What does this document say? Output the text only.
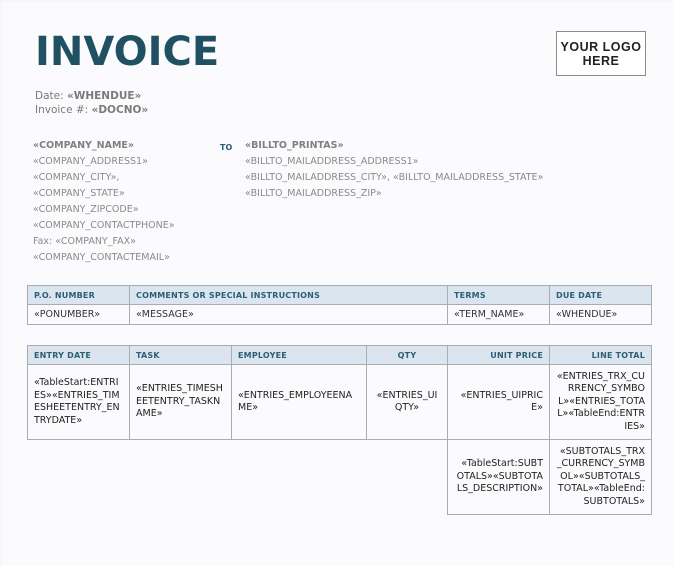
INVOICE
Date: «WHENDUE»
Invoice #: «DOCNO»
YOUR LOGO
HERE
«COMPANY_NAME»
«COMPANY_ADDRESS1»
«COMPANY_CITY»,
«COMPANY_STATE»
«COMPANY_ZIPCODE»
«COMPANY_CONTACTPHONE»
Fax: «COMPANY_FAX»
«COMPANY_CONTACTEMAIL»
TO «BILLTO_PRINTAS»
«BILLTO_MAILADDRESS_ADDRESS1»
«BILLTO_MAILADDRESS_CITY», «BILLTO_MAILADDRESS_STATE»
«BILLTO_MAILADDRESS_ZIP»
P.O. NUMBER	COMMENTS OR SPECIAL INSTRUCTIONS	TERMS	DUE DATE
«PONUMBER»	«MESSAGE»	«TERM_NAME»	«WHENDUE»
ENTRY DATE	TASK	EMPLOYEE	QTY	UNIT PRICE	LINE TOTAL
«TableStart:ENTRIES»«ENTRIES_TIMESHEETENTRY_ENTRYDATE»	«ENTRIES_TIMESHEETENTRY_TASKNAME»	«ENTRIES_EMPLOYEENAME»	«ENTRIES_UIQTY»	«ENTRIES_UIPRICE»	«ENTRIES_TRX_CURRENCY_SYMBOL»«ENTRIES_TOTAL»«TableEnd:ENTRIES»
				«TableStart:SUBTOTALS»«SUBTOTALS_DESCRIPTION»	«SUBTOTALS_TRX_CURRENCY_SYMBOL»«SUBTOTALS_TOTAL»«TableEnd:SUBTOTALS»
